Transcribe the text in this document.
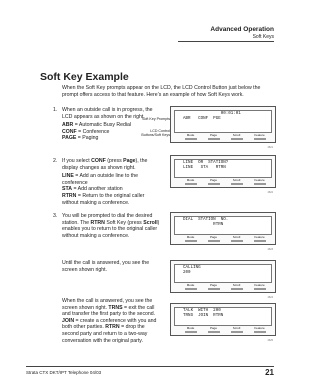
Advanced Operation
Soft Keys
Soft Key Example

When the Soft Key prompts appear on the LCD, the LCD Control Button just below the prompt offers access to that feature. Here’s an example of how Soft Keys work.

1. When an outside call is in progress, the LCD appears as shown on the right.
ABR = Automatic Busy Redial
CONF = Conference
PAGE = Paging
2. If you select CONF (press Page), the display changes as shown right.
LINE = Add an outside line to the conference
STA = Add another station
RTRN = Return to the original caller without making a conference.
3. You will be prompted to dial the desired station. The RTRN Soft Key (press Scroll) enables you to return to the original caller without making a conference.

Until the call is answered, you see the screen shown right.

When the call is answered, you see the screen shown right. TRNS = exit the call and transfer the first party to the second. JOIN = create a conference with you and both other parties. RTRN = drop the second party and return to a two-way conversation with the original party.

Soft Key Prompts
LCD Control Buttons/Soft Keys
00:01:01
ABR   CONF  PGE
Mode	Page	Scroll	Feature
4621
LINE  OR  STATION?
LINE   STA   RTRN
Mode	Page	Scroll	Feature
4622
DIAL  STATION  NO.
RTRN
Mode	Page	Scroll	Feature
4623
CALLING
200
Mode	Page	Scroll	Feature
4624
TALK  WITH  200
TRNS  JOIN  RTRN
Mode	Page	Scroll	Feature
4625
Strata CTX DKT/IPT Telephone 04/03	21
